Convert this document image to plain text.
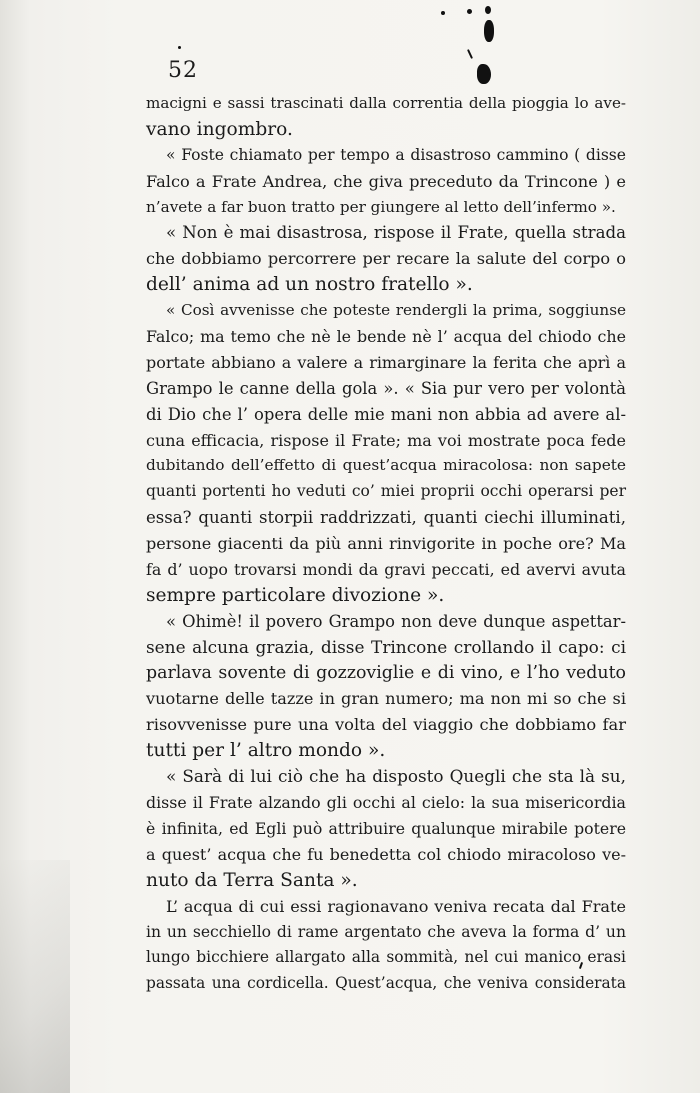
52
macigni e sassi trascinati dalla correntia della pioggia lo ave-
vano ingombro.
« Foste chiamato per tempo a disastroso cammino ( disse
Falco a Frate Andrea, che giva preceduto da Trincone ) e
n’avete a far buon tratto per giungere al letto dell’infermo ».
« Non è mai disastrosa, rispose il Frate, quella strada
che dobbiamo percorrere per recare la salute del corpo o
dell’ anima ad un nostro fratello ».
« Così avvenisse che poteste rendergli la prima, soggiunse
Falco; ma temo che nè le bende nè l’ acqua del chiodo che
portate abbiano a valere a rimarginare la ferita che aprì a
Grampo le canne della gola ». « Sia pur vero per volontà
di Dio che l’ opera delle mie mani non abbia ad avere al-
cuna efficacia, rispose il Frate; ma voi mostrate poca fede
dubitando dell’effetto di quest’acqua miracolosa: non sapete
quanti portenti ho veduti co’ miei proprii occhi operarsi per
essa? quanti storpii raddrizzati, quanti ciechi illuminati,
persone giacenti da più anni rinvigorite in poche ore? Ma
fa d’ uopo trovarsi mondi da gravi peccati, ed avervi avuta
sempre particolare divozione ».
« Ohimè! il povero Grampo non deve dunque aspettar-
sene alcuna grazia, disse Trincone crollando il capo: ci
parlava sovente di gozzoviglie e di vino, e l’ho veduto
vuotarne delle tazze in gran numero; ma non mi so che si
risovvenisse pure una volta del viaggio che dobbiamo far
tutti per l’ altro mondo ».
« Sarà di lui ciò che ha disposto Quegli che sta là su,
disse il Frate alzando gli occhi al cielo: la sua misericordia
è infinita, ed Egli può attribuire qualunque mirabile potere
a quest’ acqua che fu benedetta col chiodo miracoloso ve-
nuto da Terra Santa ».
L’ acqua di cui essi ragionavano veniva recata dal Frate
in un secchiello di rame argentato che aveva la forma d’ un
lungo bicchiere allargato alla sommità, nel cui manico erasi
passata una cordicella. Quest’acqua, che veniva considerata
